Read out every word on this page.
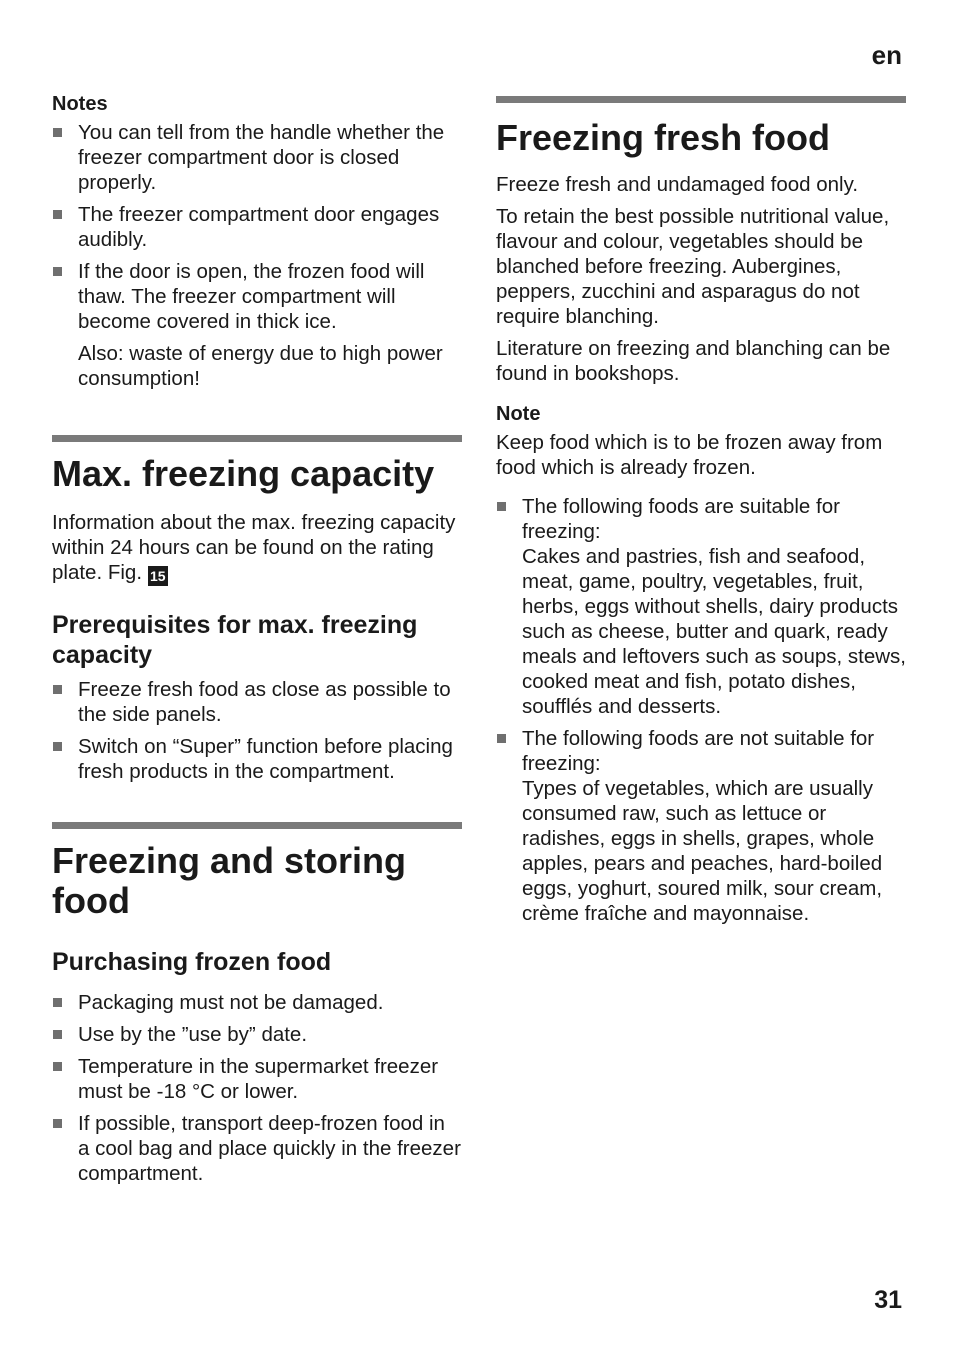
en
Notes
You can tell from the handle whether the freezer compartment door is closed properly.
The freezer compartment door engages audibly.
If the door is open, the frozen food will thaw. The freezer compartment will become covered in thick ice.
Also: waste of energy due to high power consumption!
Max. freezing capacity

Information about the max. freezing capacity within 24 hours can be found on the rating plate. Fig. 15

Prerequisites for max. freezing capacity
Freeze fresh food as close as possible to the side panels.
Switch on “Super” function before placing fresh products in the compartment.
Freezing and storing food
Purchasing frozen food
Packaging must not be damaged.
Use by the ”use by” date.
Temperature in the supermarket freezer must be -18 °C or lower.
If possible, transport deep-frozen food in a cool bag and place quickly in the freezer compartment.
Freezing fresh food

Freeze fresh and undamaged food only.

To retain the best possible nutritional value, flavour and colour, vegetables should be blanched before freezing. Aubergines, peppers, zucchini and asparagus do not require blanching.

Literature on freezing and blanching can be found in bookshops.

Note

Keep food which is to be frozen away from food which is already frozen.

The following foods are suitable for freezing:
Cakes and pastries, fish and seafood, meat, game, poultry, vegetables, fruit, herbs, eggs without shells, dairy products such as cheese, butter and quark, ready meals and leftovers such as soups, stews, cooked meat and fish, potato dishes, soufflés and desserts.
The following foods are not suitable for freezing:
Types of vegetables, which are usually consumed raw, such as lettuce or radishes, eggs in shells, grapes, whole apples, pears and peaches, hard-boiled eggs, yoghurt, soured milk, sour cream, crème fraîche and mayonnaise.
31
